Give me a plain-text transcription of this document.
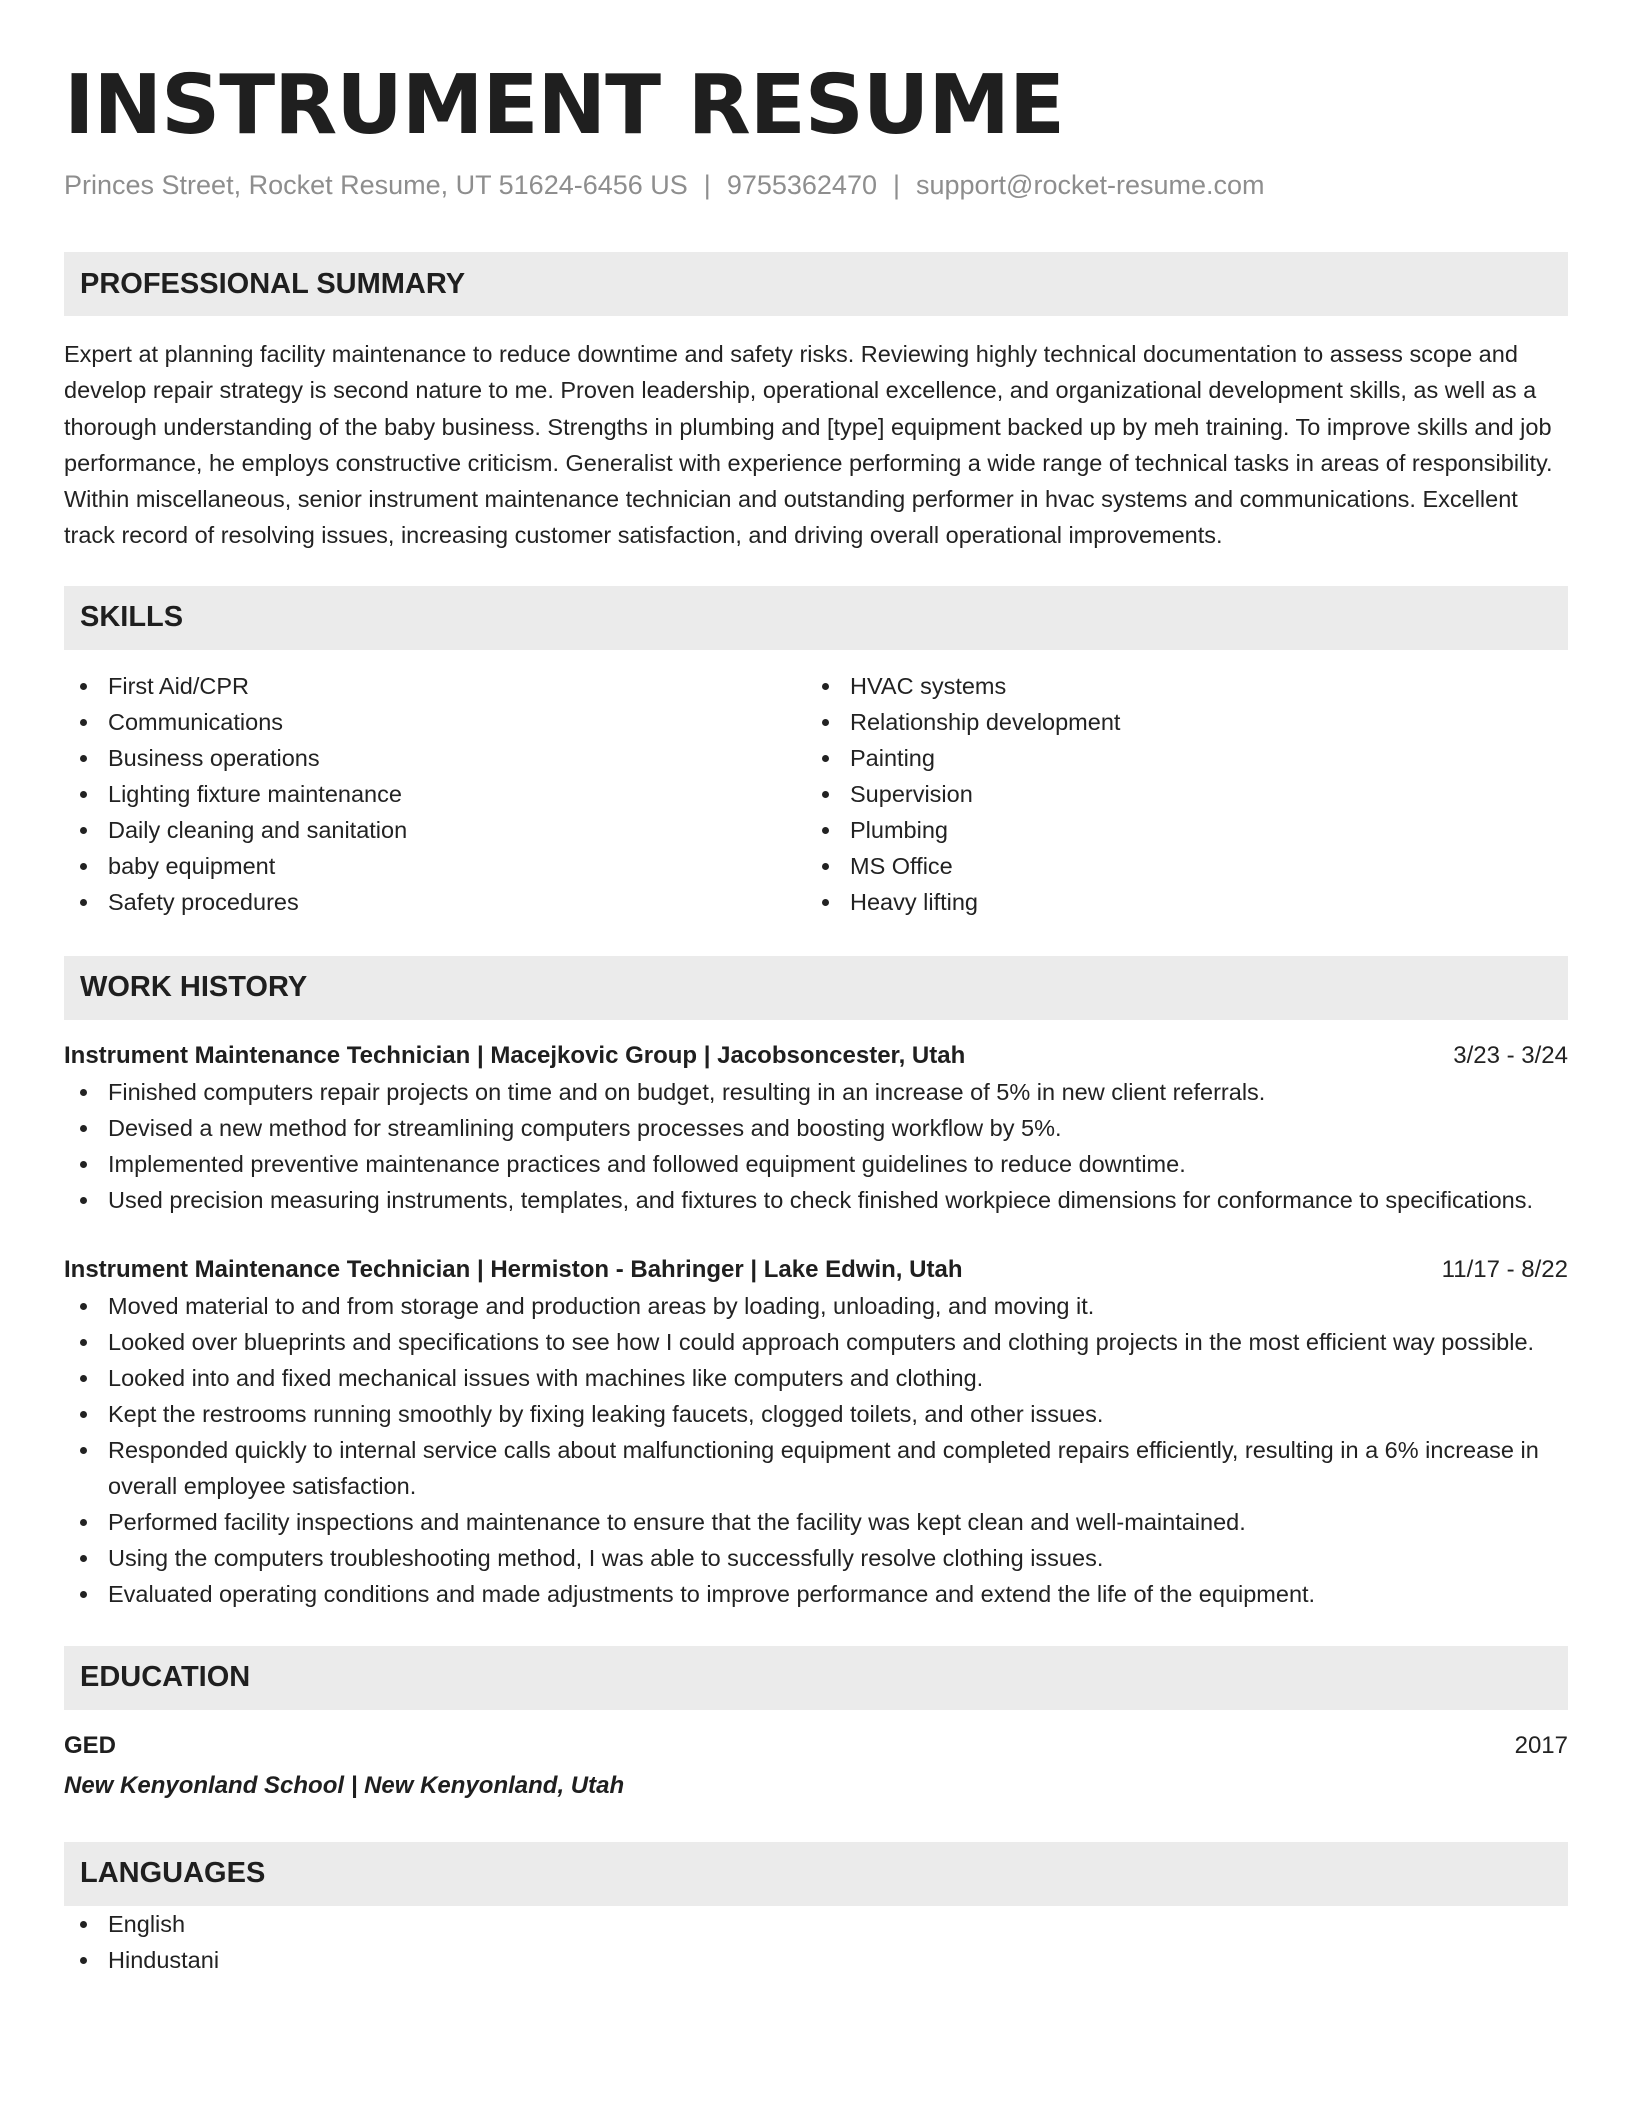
INSTRUMENT RESUME
Princes Street, Rocket Resume, UT 51624-6456 US | 9755362470 | support@rocket-resume.com
PROFESSIONAL SUMMARY

Expert at planning facility maintenance to reduce downtime and safety risks. Reviewing highly technical documentation to assess scope and develop repair strategy is second nature to me. Proven leadership, operational excellence, and organizational development skills, as well as a thorough understanding of the baby business. Strengths in plumbing and [type] equipment backed up by meh training. To improve skills and job performance, he employs constructive criticism. Generalist with experience performing a wide range of technical tasks in areas of responsibility. Within miscellaneous, senior instrument maintenance technician and outstanding performer in hvac systems and communications. Excellent track record of resolving issues, increasing customer satisfaction, and driving overall operational improvements.

SKILLS
First Aid/CPR
Communications
Business operations
Lighting fixture maintenance
Daily cleaning and sanitation
baby equipment
Safety procedures
HVAC systems
Relationship development
Painting
Supervision
Plumbing
MS Office
Heavy lifting
WORK HISTORY
Instrument Maintenance Technician | Macejkovic Group | Jacobsoncester, Utah	3/23 - 3/24
Finished computers repair projects on time and on budget, resulting in an increase of 5% in new client referrals.
Devised a new method for streamlining computers processes and boosting workflow by 5%.
Implemented preventive maintenance practices and followed equipment guidelines to reduce downtime.
Used precision measuring instruments, templates, and fixtures to check finished workpiece dimensions for conformance to specifications.
Instrument Maintenance Technician | Hermiston - Bahringer | Lake Edwin, Utah	11/17 - 8/22
Moved material to and from storage and production areas by loading, unloading, and moving it.
Looked over blueprints and specifications to see how I could approach computers and clothing projects in the most efficient way possible.
Looked into and fixed mechanical issues with machines like computers and clothing.
Kept the restrooms running smoothly by fixing leaking faucets, clogged toilets, and other issues.
Responded quickly to internal service calls about malfunctioning equipment and completed repairs efficiently, resulting in a 6% increase in overall employee satisfaction.
Performed facility inspections and maintenance to ensure that the facility was kept clean and well-maintained.
Using the computers troubleshooting method, I was able to successfully resolve clothing issues.
Evaluated operating conditions and made adjustments to improve performance and extend the life of the equipment.
EDUCATION
GED	2017
New Kenyonland School | New Kenyonland, Utah
LANGUAGES
English
Hindustani
